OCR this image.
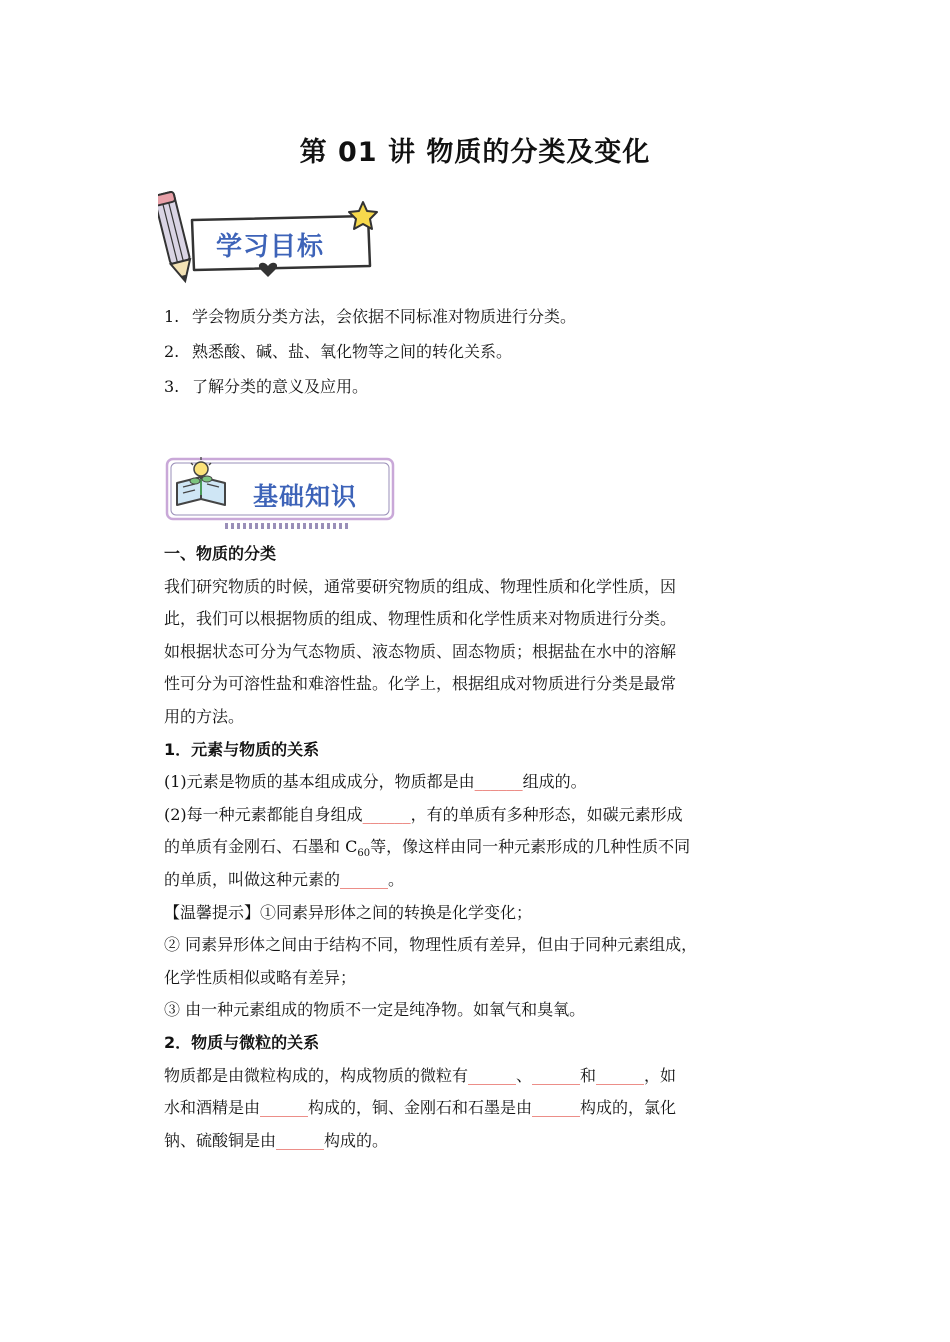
第 01 讲 物质的分类及变化
学习目标
1. 学会物质分类方法，会依据不同标准对物质进行分类。
2. 熟悉酸、碱、盐、氧化物等之间的转化关系。
3. 了解分类的意义及应用。
基础知识
一、物质的分类
我们研究物质的时候，通常要研究物质的组成、物理性质和化学性质，因
此，我们可以根据物质的组成、物理性质和化学性质来对物质进行分类。
如根据状态可分为气态物质、液态物质、固态物质；根据盐在水中的溶解
性可分为可溶性盐和难溶性盐。化学上，根据组成对物质进行分类是最常
用的方法。
1．元素与物质的关系
(1)元素是物质的基本组成成分，物质都是由______组成的。
(2)每一种元素都能自身组成______，有的单质有多种形态，如碳元素形成
的单质有金刚石、石墨和 $C_{60}$等，像这样由同一种元素形成的几种性质不同
的单质，叫做这种元素的______。
【温馨提示】①同素异形体之间的转换是化学变化；
② 同素异形体之间由于结构不同，物理性质有差异，但由于同种元素组成，
化学性质相似或略有差异；
③ 由一种元素组成的物质不一定是纯净物。如氧气和臭氧。
2．物质与微粒的关系
物质都是由微粒构成的，构成物质的微粒有______、______和______，如
水和酒精是由______构成的，铜、金刚石和石墨是由______构成的，氯化
钠、硫酸铜是由______构成的。
